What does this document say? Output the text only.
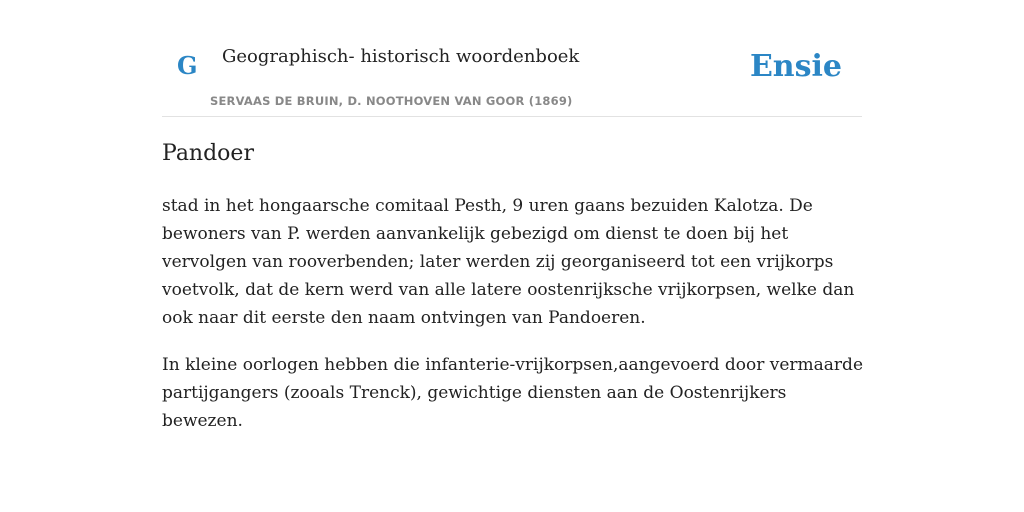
G Geographisch- historisch woordenboek
SERVAAS DE BRUIN, D. NOOTHOVEN VAN GOOR (1869)
Ensie
Pandoer

stad in het hongaarsche comitaal Pesth, 9 uren gaans bezuiden Kalotza. De bewoners van P. werden aanvankelijk gebezigd om dienst te doen bij het vervolgen van rooverbenden; later werden zij georganiseerd tot een vrijkorps voetvolk, dat de kern werd van alle latere oostenrijksche vrijkorpsen, welke dan ook naar dit eerste den naam ontvingen van Pandoeren.

In kleine oorlogen hebben die infanterie-vrijkorpsen,aangevoerd door vermaarde partijgangers (zooals Trenck), gewichtige diensten aan de Oostenrijkers bewezen.
